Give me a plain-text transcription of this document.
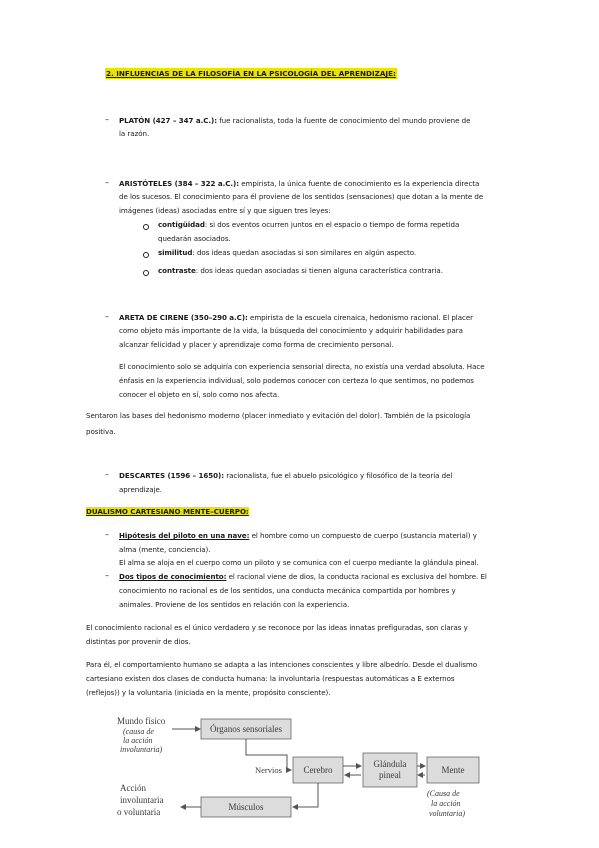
2. INFLUENCIAS DE LA FILOSOFÍA EN LA PSICOLOGÍA DEL APRENDIZAJE:
– PLATÓN (427 – 347 a.C.): fue racionalista, toda la fuente de conocimiento del mundo proviene de
la razón.
– ARISTÓTELES (384 – 322 a.C.): empirista, la única fuente de conocimiento es la experiencia directa
de los sucesos. El conocimiento para él proviene de los sentidos (sensaciones) que dotan a la mente de
imágenes (ideas) asociadas entre sí y que siguen tres leyes:
contigüidad: si dos eventos ocurren juntos en el espacio o tiempo de forma repetida
quedarán asociados.
similitud: dos ideas quedan asociadas si son similares en algún aspecto.
contraste: dos ideas quedan asociadas si tienen alguna característica contraria.
– ARETA DE CIRENE (350–290 a.C): empirista de la escuela cirenaica, hedonismo racional. El placer
como objeto más importante de la vida, la búsqueda del conocimiento y adquirir habilidades para
alcanzar felicidad y placer y aprendizaje como forma de crecimiento personal.
El conocimiento solo se adquiría con experiencia sensorial directa, no existía una verdad absoluta. Hace
énfasis en la experiencia individual, solo podemos conocer con certeza lo que sentimos, no podemos
conocer el objeto en sí, solo como nos afecta.
Sentaron las bases del hedonismo moderno (placer inmediato y evitación del dolor). También de la psicología
positiva.
– DESCARTES (1596 – 1650): racionalista, fue el abuelo psicológico y filosófico de la teoría del
aprendizaje.
DUALISMO CARTESIANO MENTE–CUERPO:
– Hipótesis del piloto en una nave: el hombre como un compuesto de cuerpo (sustancia material) y
alma (mente, conciencia).
El alma se aloja en el cuerpo como un piloto y se comunica con el cuerpo mediante la glándula pineal.
– Dos tipos de conocimiento: el racional viene de dios, la conducta racional es exclusiva del hombre. El
conocimiento no racional es de los sentidos, una conducta mecánica compartida por hombres y
animales. Proviene de los sentidos en relación con la experiencia.
El conocimiento racional es el único verdadero y se reconoce por las ideas innatas prefiguradas, son claras y
distintas por provenir de dios.
Para él, el comportamiento humano se adapta a las intenciones conscientes y libre albedrío. Desde el dualismo
cartesiano existen dos clases de conducta humana: la involuntaria (respuestas automáticas a E externos
(reflejos)) y la voluntaria (iniciada en la mente, propósito consciente).
Mundo físico
(causa de
la acción
involuntaria)
Órganos sensoriales
Nervios Cerebro
Glándula
pineal	Mente
(Causa de
la acción
voluntaria)
Músculos
Acción
involuntaria
o voluntaria
